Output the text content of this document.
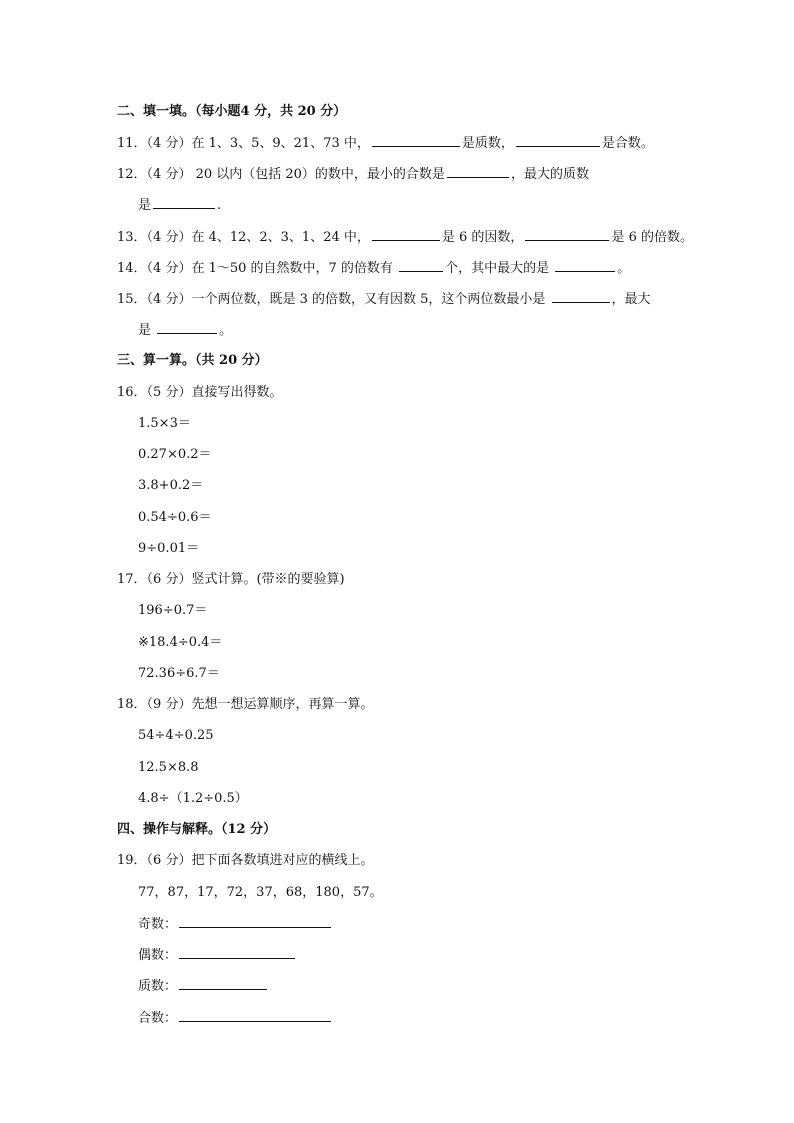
二、填一填。（每小题4 分，共 20 分）
11．（4 分）在 1、3、5、9、21、73 中，	是质数，	是合数。
12．（4 分） 20 以内（包括 20）的数中，最小的合数是	，最大的质数
是	.
13．（4 分）在 4、12、2、3、1、24 中，	是 6 的因数，	是 6 的倍数。
14．（4 分）在 1～50 的自然数中，7 的倍数有	个，其中最大的是	。
15．（4 分）一个两位数，既是 3 的倍数，又有因数 5，这个两位数最小是	，最大
是	。
三、算一算。（共 20 分）
16．（5 分）直接写出得数。
1.5×3＝
0.27×0.2＝
3.8+0.2＝
0.54÷0.6＝
9÷0.01＝
17．（6 分）竖式计算。(带※的要验算)
196÷0.7＝
※18.4÷0.4＝
72.36÷6.7＝
18．（9 分）先想一想运算顺序，再算一算。
54÷4÷0.25
12.5×8.8
4.8÷（1.2÷0.5）
四、操作与解释。（12 分）
19．（6 分）把下面各数填进对应的横线上。
77，87，17，72，37，68，180，57。
奇数：
偶数：
质数：
合数：
